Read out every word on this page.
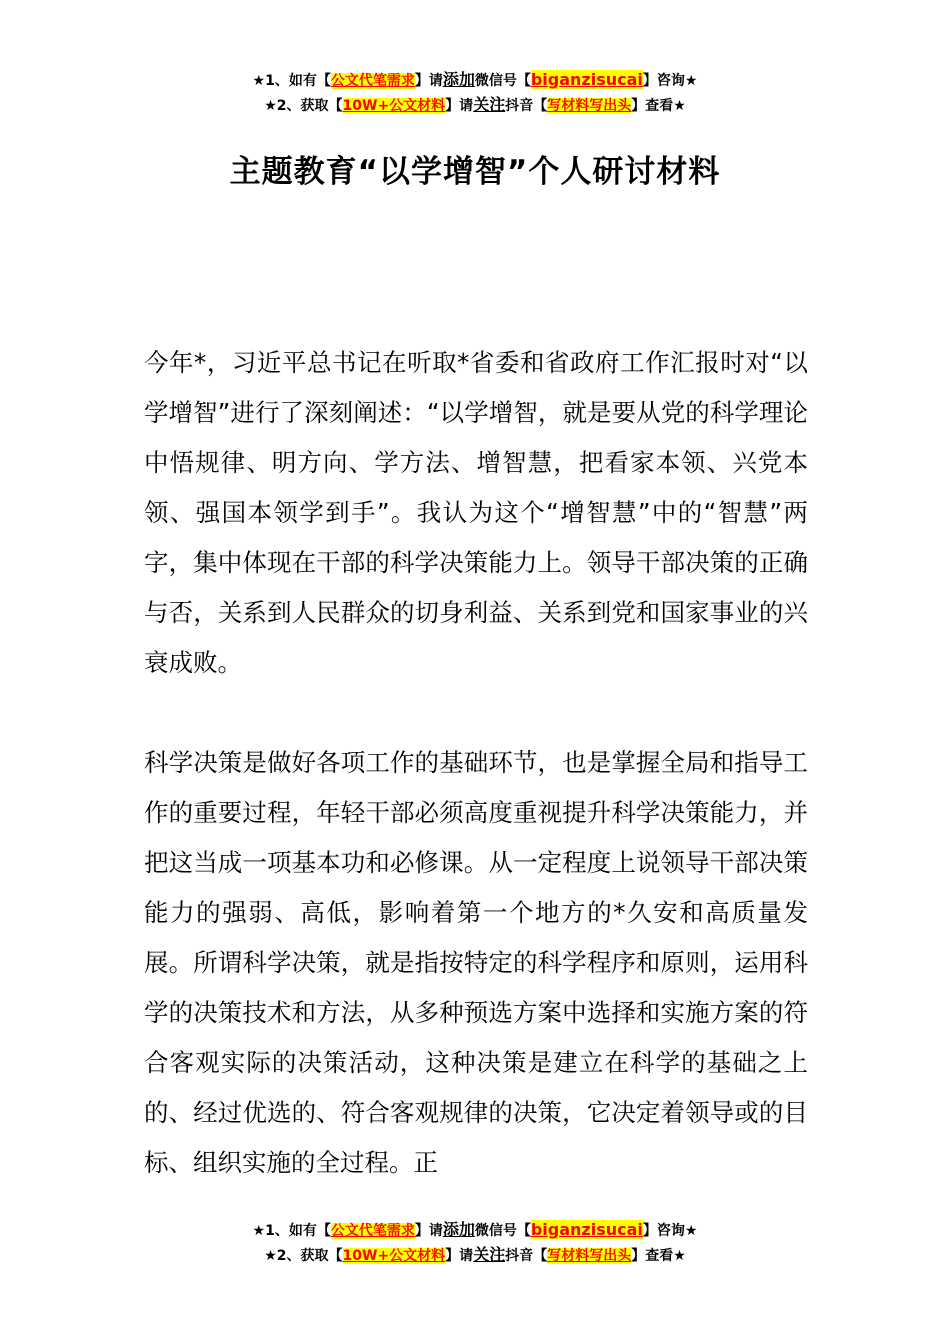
★1、如有【公文代笔需求】请添加微信号【biganzisucai】咨询★
★2、获取【10W+公文材料】请关注抖音【写材料写出头】查看★
主题教育“以学增智”个人研讨材料

今年*，习近平总书记在听取*省委和省政府工作汇报时对“以学增智”进行了深刻阐述：“以学增智，就是要从党的科学理论中悟规律、明方向、学方法、增智慧，把看家本领、兴党本领、强国本领学到手”。我认为这个“增智慧”中的“智慧”两字，集中体现在干部的科学决策能力上。领导干部决策的正确与否，关系到人民群众的切身利益、关系到党和国家事业的兴衰成败。

科学决策是做好各项工作的基础环节，也是掌握全局和指导工作的重要过程，年轻干部必须高度重视提升科学决策能力，并把这当成一项基本功和必修课。从一定程度上说领导干部决策能力的强弱、高低，影响着第一个地方的*久安和高质量发展。所谓科学决策，就是指按特定的科学程序和原则，运用科学的决策技术和方法，从多种预选方案中选择和实施方案的符合客观实际的决策活动，这种决策是建立在科学的基础之上的、经过优选的、符合客观规律的决策，它决定着领导或的目标、组织实施的全过程。正

★1、如有【公文代笔需求】请添加微信号【biganzisucai】咨询★
★2、获取【10W+公文材料】请关注抖音【写材料写出头】查看★
